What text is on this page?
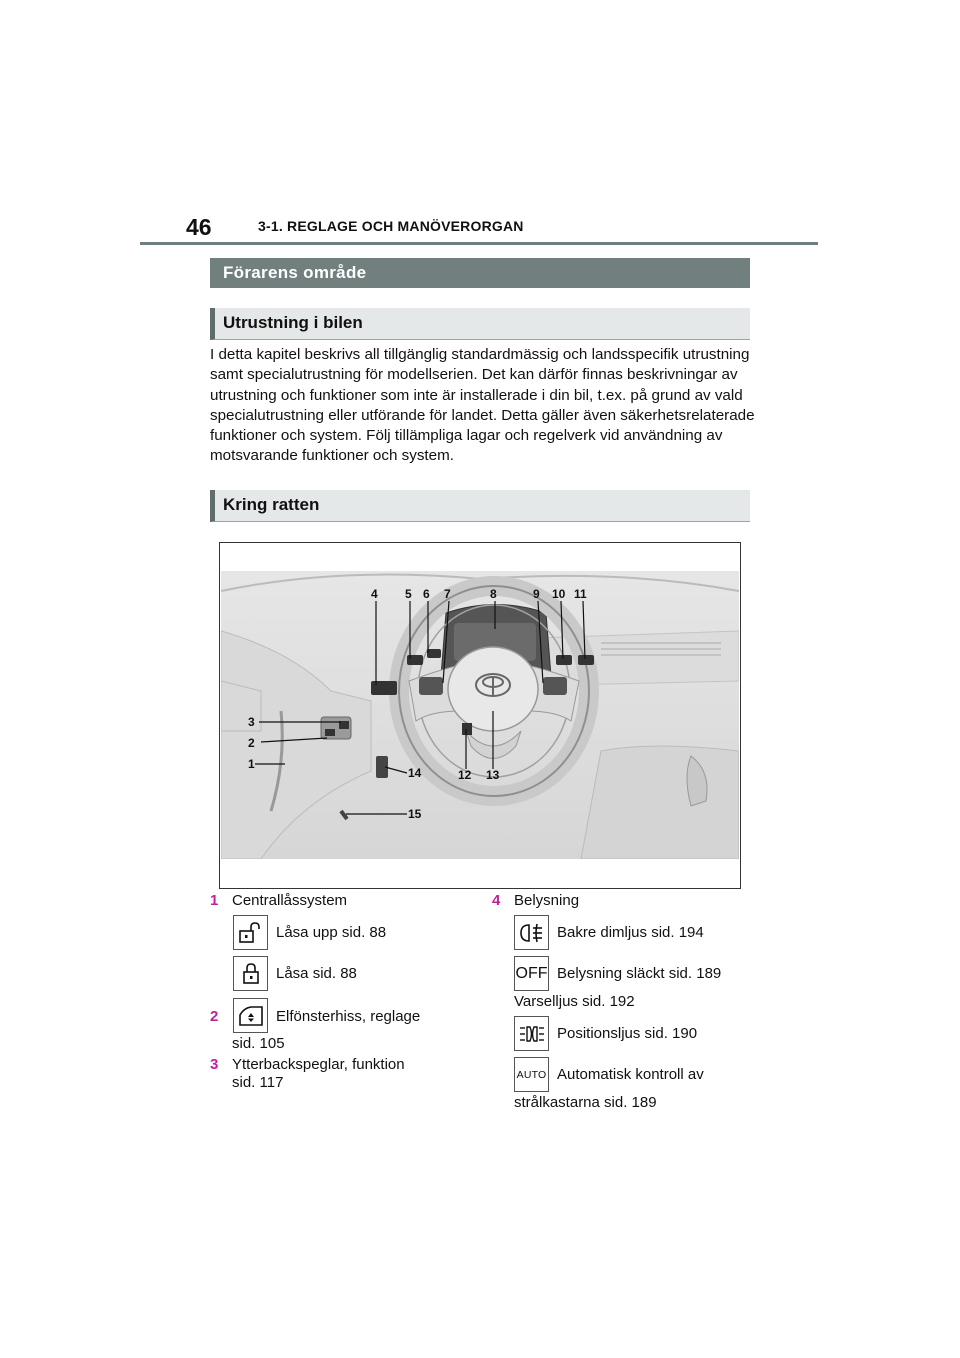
46	3-1. REGLAGE OCH MANÖVERORGAN
Förarens område
Utrustning i bilen
I detta kapitel beskrivs all tillgänglig standardmässig och landsspecifik utrustning samt specialutrustning för modellserien. Det kan därför finnas beskrivningar av utrustning och funktioner som inte är installerade i din bil, t.ex. på grund av vald specialutrustning eller utförande för landet. Detta gäller även säkerhetsrelaterade funktioner och system. Följ tillämpliga lagar och regelverk vid användning av motsvarande funktioner och system.
Kring ratten
4 5 6 7	8	9 10 11
3
2
1
12 13
14
15
1 Centrallåssystem
Låsa upp sid. 88
Låsa sid. 88
2	Elfönsterhiss, reglage
sid. 105
3 Ytterbackspeglar, funktion
sid. 117
4 Belysning
Bakre dimljus sid. 194
OFF Belysning släckt sid. 189
Varselljus sid. 192
Positionsljus sid. 190
AUTO Automatisk kontroll av
strålkastarna sid. 189
